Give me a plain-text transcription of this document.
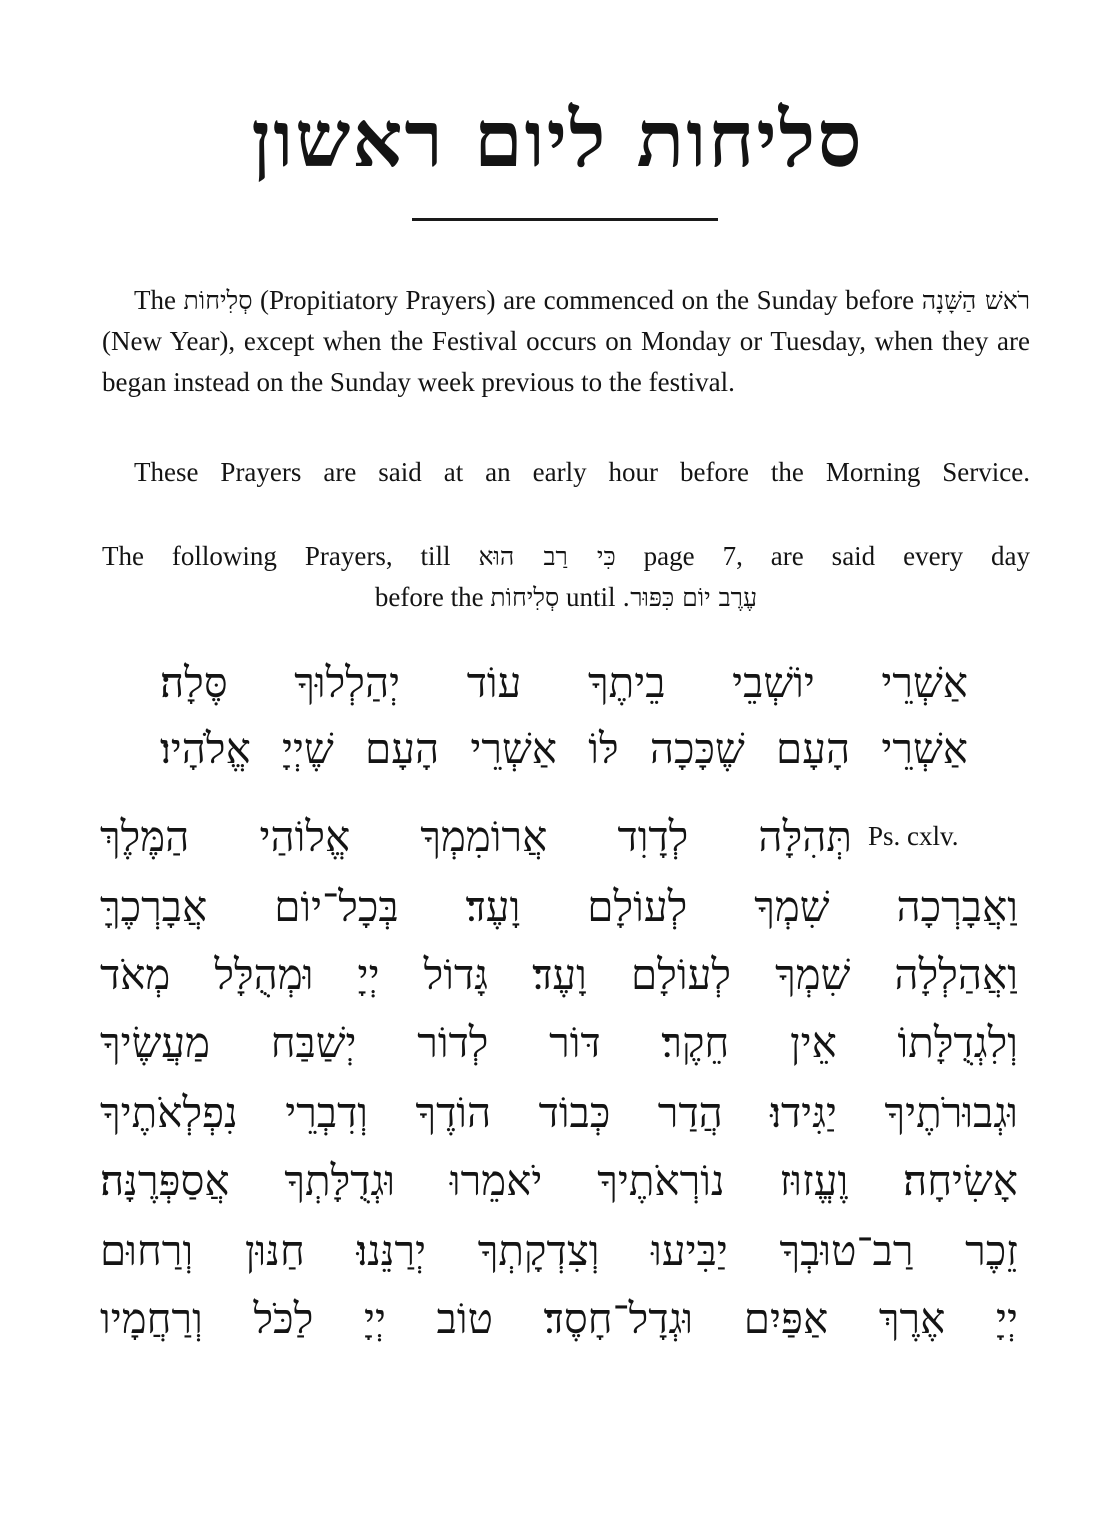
סליחות ליום ראשון
The סְלִיחוֹת (Propitiatory Prayers) are commenced on the Sunday before רֹאשׁ הַשָּׁנָה (New Year), except when the Festival occurs on Monday or Tuesday, when they are began instead on the Sunday week previous to the festival.
These Prayers are said at an early hour before the Morning Service.
The following Prayers, till כִּי רַב הוּא page 7, are said every day
before the סְלִיחוֹת until עֶרֶב יוֹם כִּפּוּר.
אַשְׁרֵי יוֹשְׁבֵי בֵיתֶךָ עוֹד יְהַלְלוּךָ סֶּלָה׃
אַשְׁרֵי הָעָם שֶׁכָּכָה לּוֹ אַשְׁרֵי הָעָם שֶׁיְיָ אֱלֹהָיו׃
Ps. cxlv.
תְּהִלָּה לְדָוִד אֲרוֹמִמְךָ אֱלוֹהַי הַמֶּלֶךְ
וַאֲבָרְכָה שִׁמְךָ לְעוֹלָם וָעֶד׃ בְּכָל־יוֹם אֲבָרְכֶךָּ
וַאֲהַלְלָה שִׁמְךָ לְעוֹלָם וָעֶד׃ גָּדוֹל יְיָ וּמְהֻלָּל מְאֹד
וְלִגְדֻלָּתוֹ אֵין חֵקֶר׃ דּוֹר לְדוֹר יְשַׁבַּח מַעֲשֶׂיךָ
וּגְבוּרֹתֶיךָ יַגִּידוּ׃ הֲדַר כְּבוֹד הוֹדֶךָ וְדִבְרֵי נִפְלְאֹתֶיךָ
אָשִׂיחָה׃ וֶעֱזוּז נוֹרְאֹתֶיךָ יֹאמֵרוּ וּגְדֻלָּתְךָ אֲסַפְּרֶנָּה׃
זֵכֶר רַב־טוּבְךָ יַבִּיעוּ וְצִדְקָתְךָ יְרַנֵּנוּ׃ חַנּוּן וְרַחוּם
יְיָ אֶרֶךְ אַפַּיִם וּגְדָל־חָסֶד׃ טוֹב יְיָ לַכֹּל וְרַחֲמָיו
